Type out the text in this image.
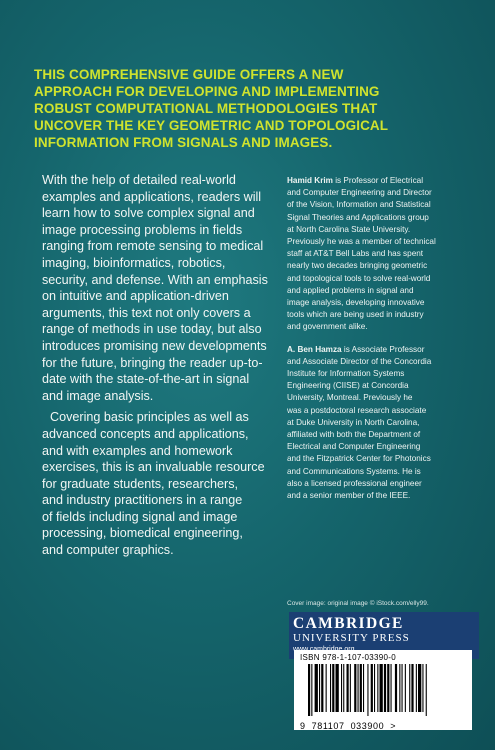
THIS COMPREHENSIVE GUIDE OFFERS A NEW
APPROACH FOR DEVELOPING AND IMPLEMENTING
ROBUST COMPUTATIONAL METHODOLOGIES THAT
UNCOVER THE KEY GEOMETRIC AND TOPOLOGICAL
INFORMATION FROM SIGNALS AND IMAGES.

With the help of detailed real-world
examples and applications, readers will
learn how to solve complex signal and
image processing problems in fields
ranging from remote sensing to medical
imaging, bioinformatics, robotics,
security, and defense. With an emphasis
on intuitive and application-driven
arguments, this text not only covers a
range of methods in use today, but also
introduces promising new developments
for the future, bringing the reader up-to-
date with the state-of-the-art in signal
and image analysis.

Covering basic principles as well as
advanced concepts and applications,
and with examples and homework
exercises, this is an invaluable resource
for graduate students, researchers,
and industry practitioners in a range
of fields including signal and image
processing, biomedical engineering,
and computer graphics.

Hamid Krim is Professor of Electrical
and Computer Engineering and Director
of the Vision, Information and Statistical
Signal Theories and Applications group
at North Carolina State University.
Previously he was a member of technical
staff at AT&T Bell Labs and has spent
nearly two decades bringing geometric
and topological tools to solve real-world
and applied problems in signal and
image analysis, developing innovative
tools which are being used in industry
and government alike.

A. Ben Hamza is Associate Professor
and Associate Director of the Concordia
Institute for Information Systems
Engineering (CIISE) at Concordia
University, Montreal. Previously he
was a postdoctoral research associate
at Duke University in North Carolina,
affiliated with both the Department of
Electrical and Computer Engineering
and the Fitzpatrick Center for Photonics
and Communications Systems. He is
also a licensed professional engineer
and a senior member of the IEEE.

Cover image: original image © iStock.com/elly99.
CAMBRIDGE
UNIVERSITY PRESS
ISBN 978-1-107-03390-0
9 781107 033900 >
